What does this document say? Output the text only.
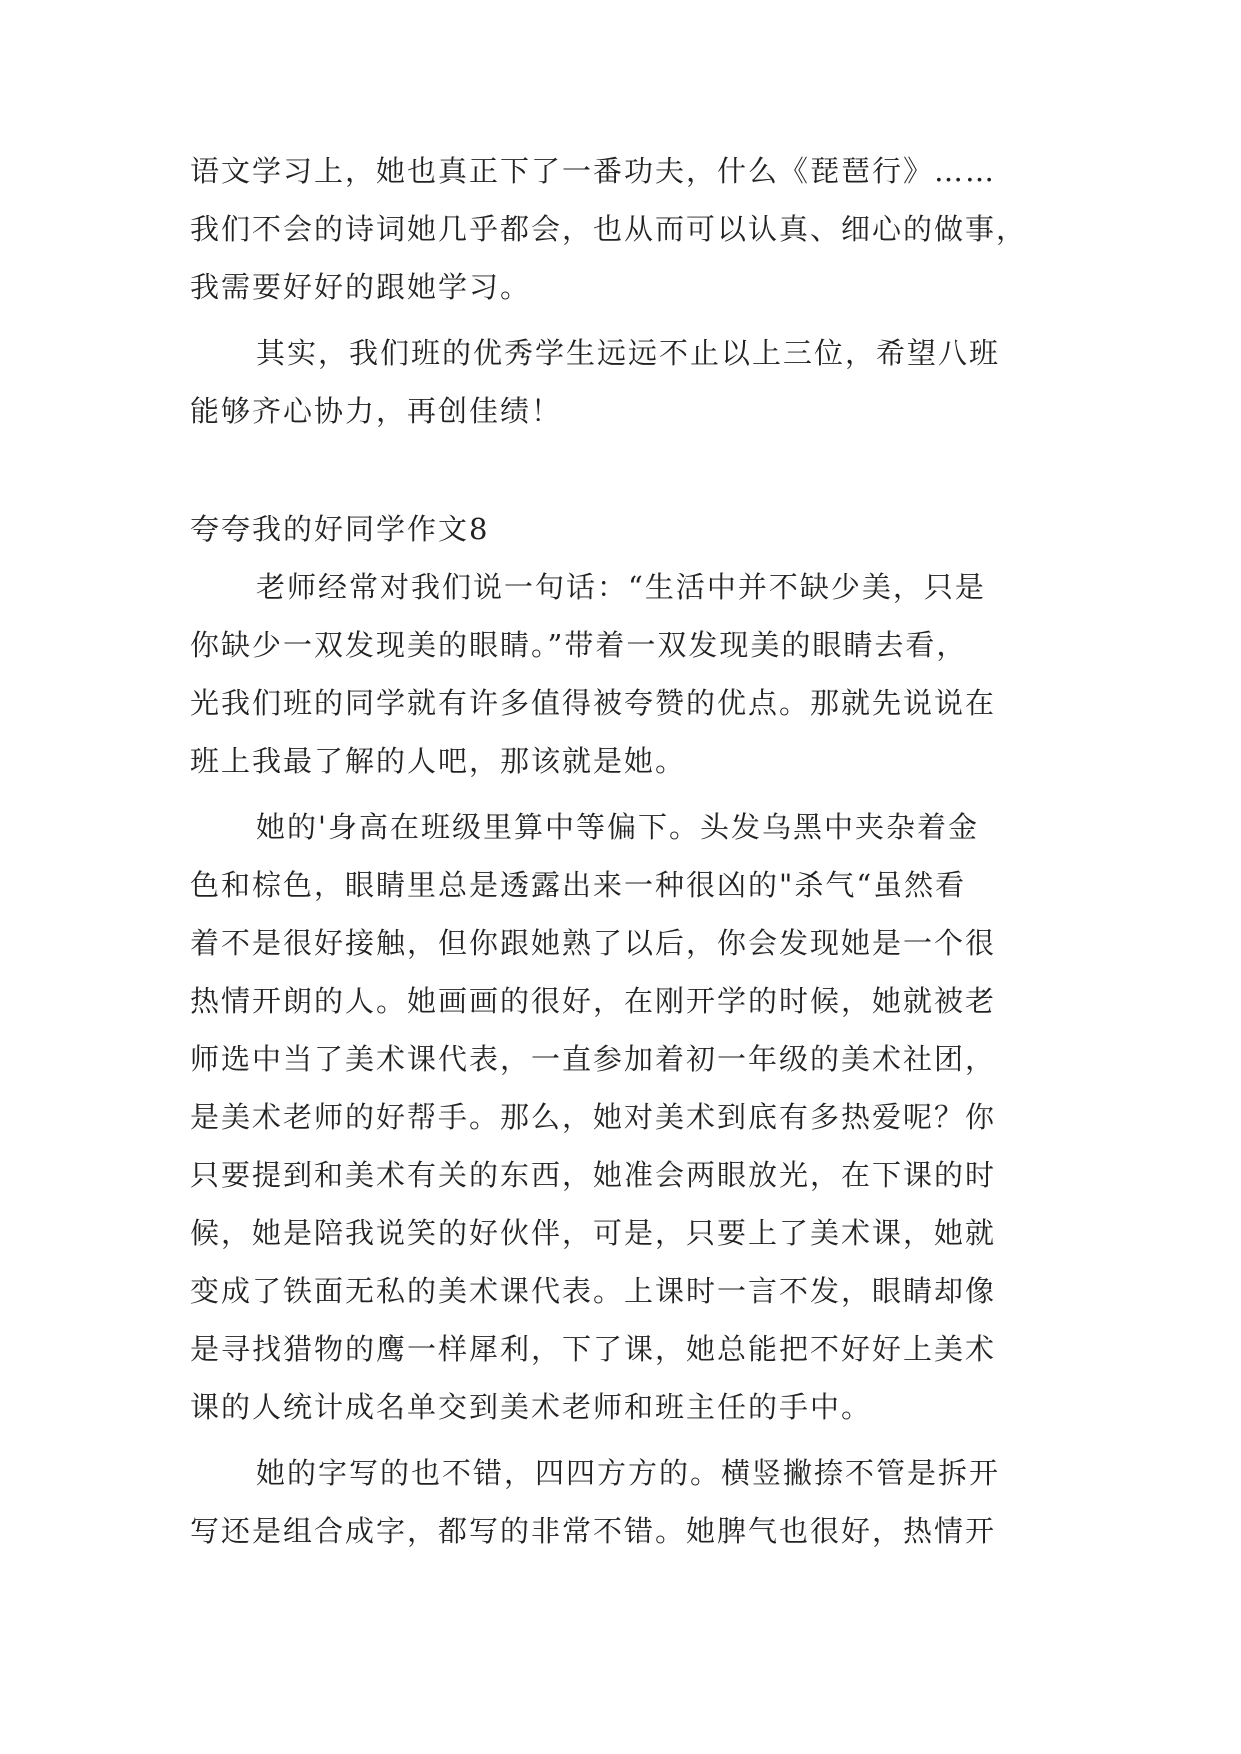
语文学习上，她也真正下了一番功夫，什么《琵琶行》……
我们不会的诗词她几乎都会，也从而可以认真、细心的做事，
我需要好好的跟她学习。
其实，我们班的优秀学生远远不止以上三位，希望八班
能够齐心协力，再创佳绩！
夸夸我的好同学作文8
老师经常对我们说一句话：“生活中并不缺少美，只是
你缺少一双发现美的眼睛。”带着一双发现美的眼睛去看，
光我们班的同学就有许多值得被夸赞的优点。那就先说说在
班上我最了解的人吧，那该就是她。
她的'身高在班级里算中等偏下。头发乌黑中夹杂着金
色和棕色，眼睛里总是透露出来一种很凶的"杀气“虽然看
着不是很好接触，但你跟她熟了以后，你会发现她是一个很
热情开朗的人。她画画的很好，在刚开学的时候，她就被老
师选中当了美术课代表，一直参加着初一年级的美术社团，
是美术老师的好帮手。那么，她对美术到底有多热爱呢？你
只要提到和美术有关的东西，她准会两眼放光，在下课的时
候，她是陪我说笑的好伙伴，可是，只要上了美术课，她就
变成了铁面无私的美术课代表。上课时一言不发，眼睛却像
是寻找猎物的鹰一样犀利，下了课，她总能把不好好上美术
课的人统计成名单交到美术老师和班主任的手中。
她的字写的也不错，四四方方的。横竖撇捺不管是拆开
写还是组合成字，都写的非常不错。她脾气也很好，热情开
